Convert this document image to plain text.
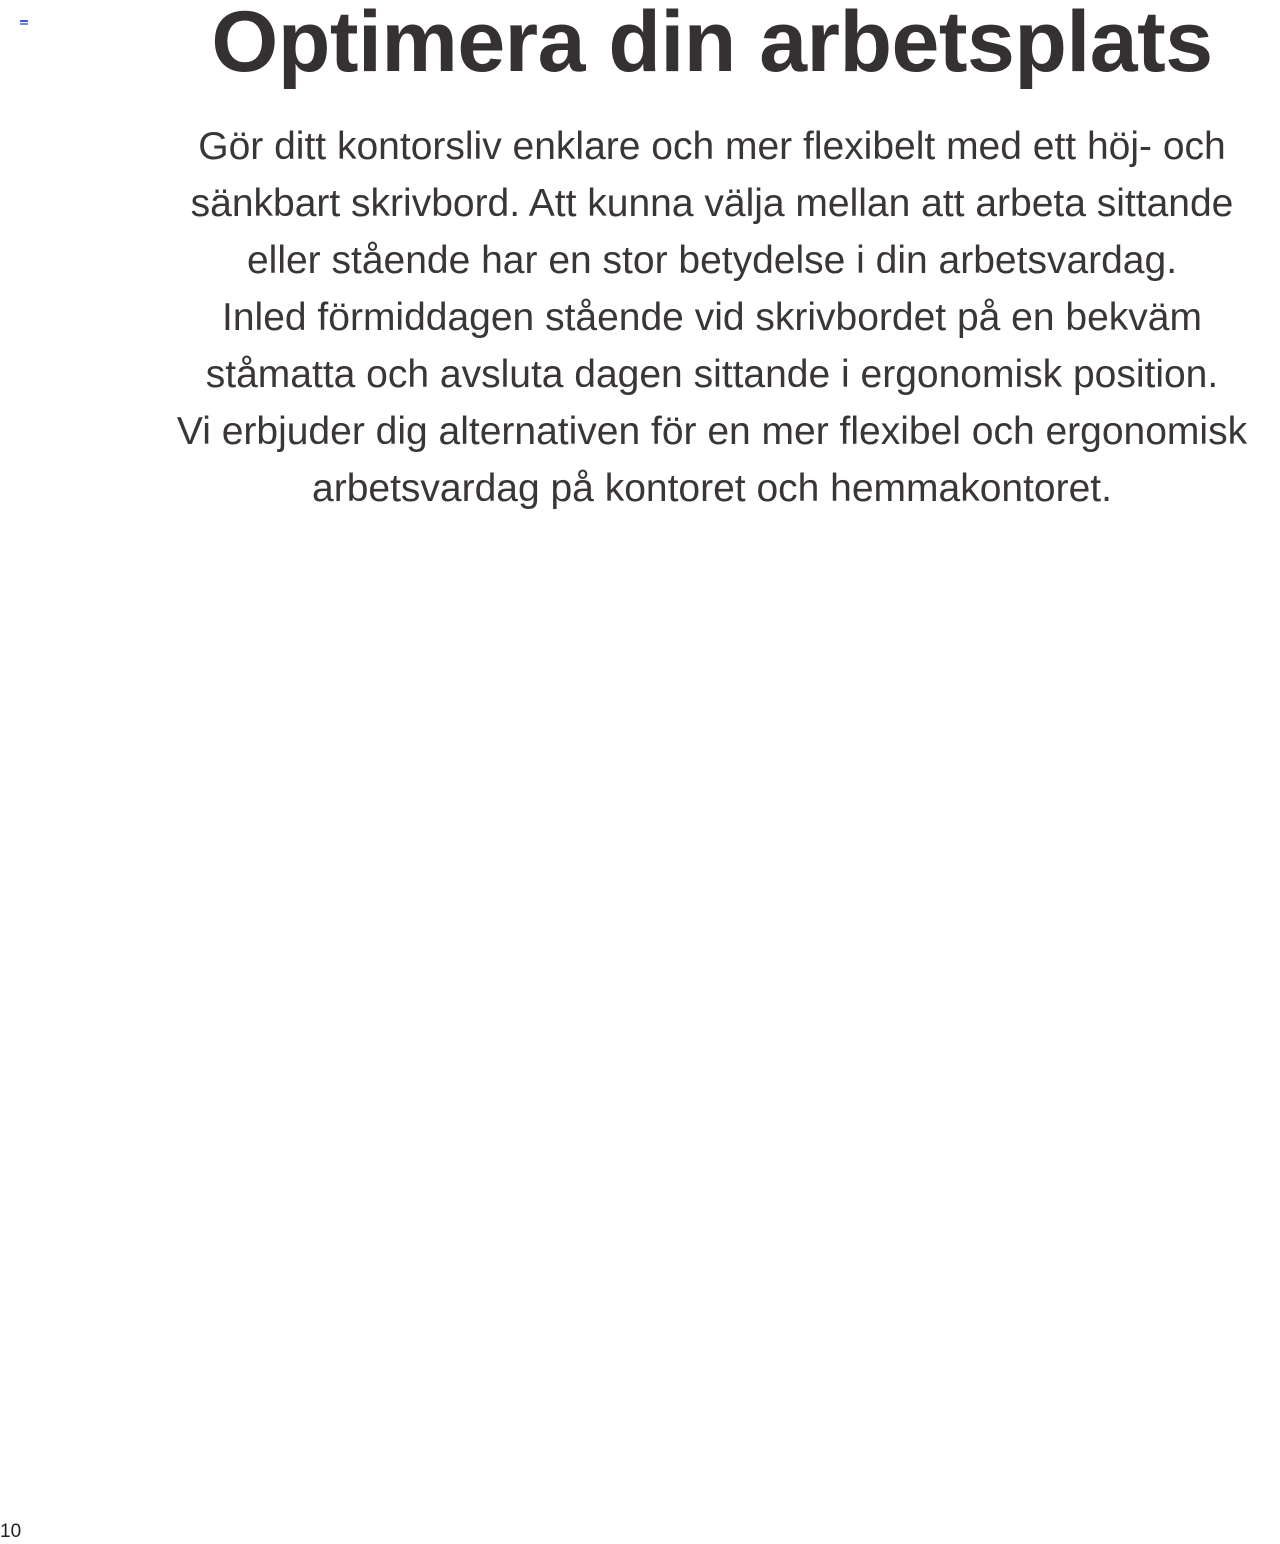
Optimera din arbetsplats

Gör ditt kontorsliv enklare och mer flexibelt med ett höj- och
sänkbart skrivbord. Att kunna välja mellan att arbeta sittande
eller stående har en stor betydelse i din arbetsvardag.
Inled förmiddagen stående vid skrivbordet på en bekväm
ståmatta och avsluta dagen sittande i ergonomisk position.
Vi erbjuder dig alternativen för en mer flexibel och ergonomisk
arbetsvardag på kontoret och hemmakontoret.

10
